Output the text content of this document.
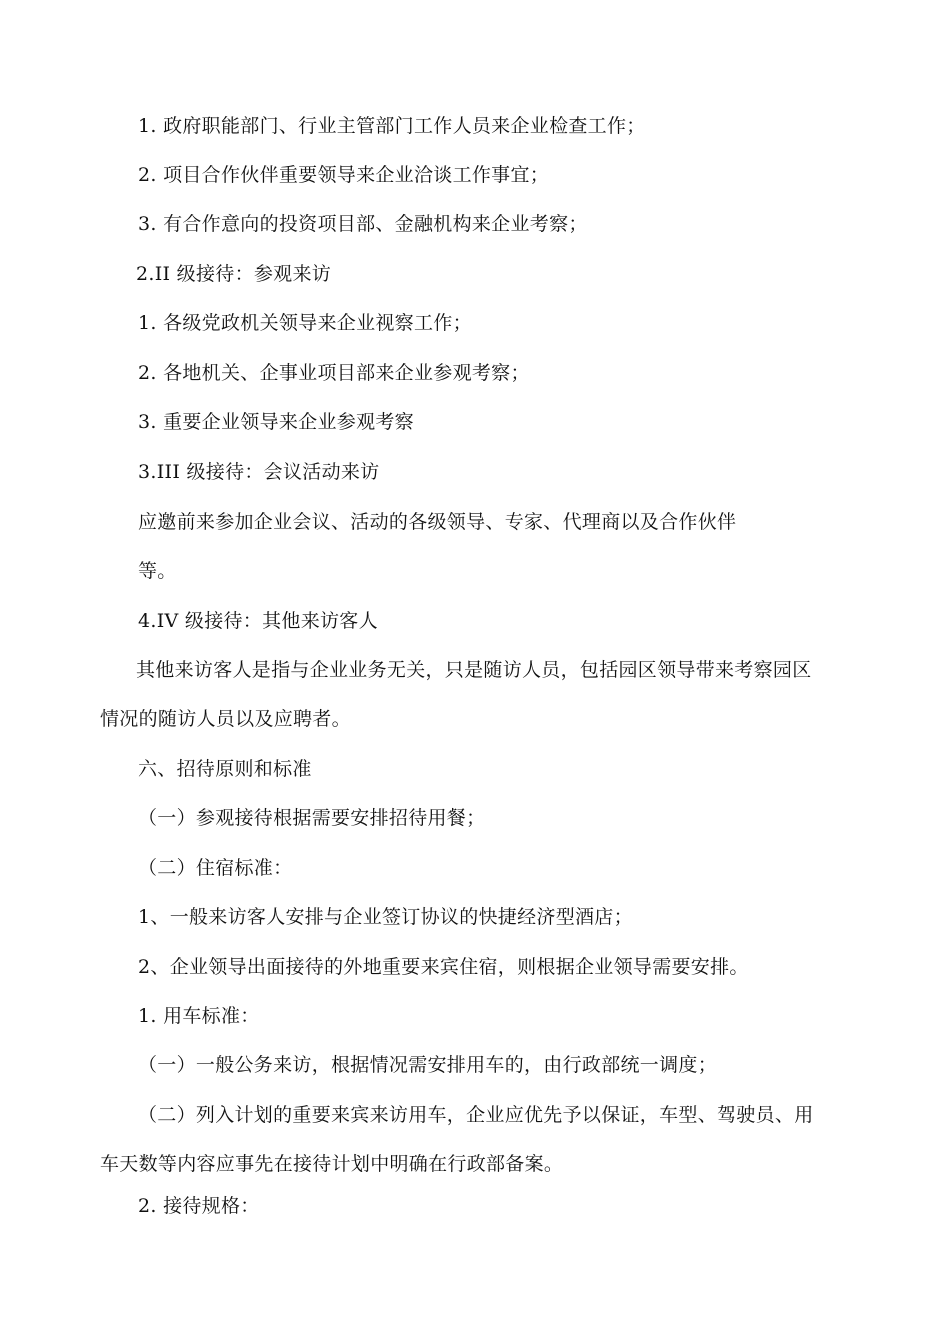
1. 政府职能部门、行业主管部门工作人员来企业检查工作；
2. 项目合作伙伴重要领导来企业洽谈工作事宜；
3. 有合作意向的投资项目部、金融机构来企业考察；
2.II 级接待：参观来访
1. 各级党政机关领导来企业视察工作；
2. 各地机关、企事业项目部来企业参观考察；
3. 重要企业领导来企业参观考察
3.III 级接待：会议活动来访
应邀前来参加企业会议、活动的各级领导、专家、代理商以及合作伙伴
等。
4.IV 级接待：其他来访客人
其他来访客人是指与企业业务无关，只是随访人员，包括园区领导带来考察园区
情况的随访人员以及应聘者。
六、招待原则和标准
（一）参观接待根据需要安排招待用餐；
（二）住宿标准：
1、一般来访客人安排与企业签订协议的快捷经济型酒店；
2、企业领导出面接待的外地重要来宾住宿，则根据企业领导需要安排。
1. 用车标准：
（一）一般公务来访，根据情况需安排用车的，由行政部统一调度；
（二）列入计划的重要来宾来访用车，企业应优先予以保证，车型、驾驶员、用
车天数等内容应事先在接待计划中明确在行政部备案。
2. 接待规格：
